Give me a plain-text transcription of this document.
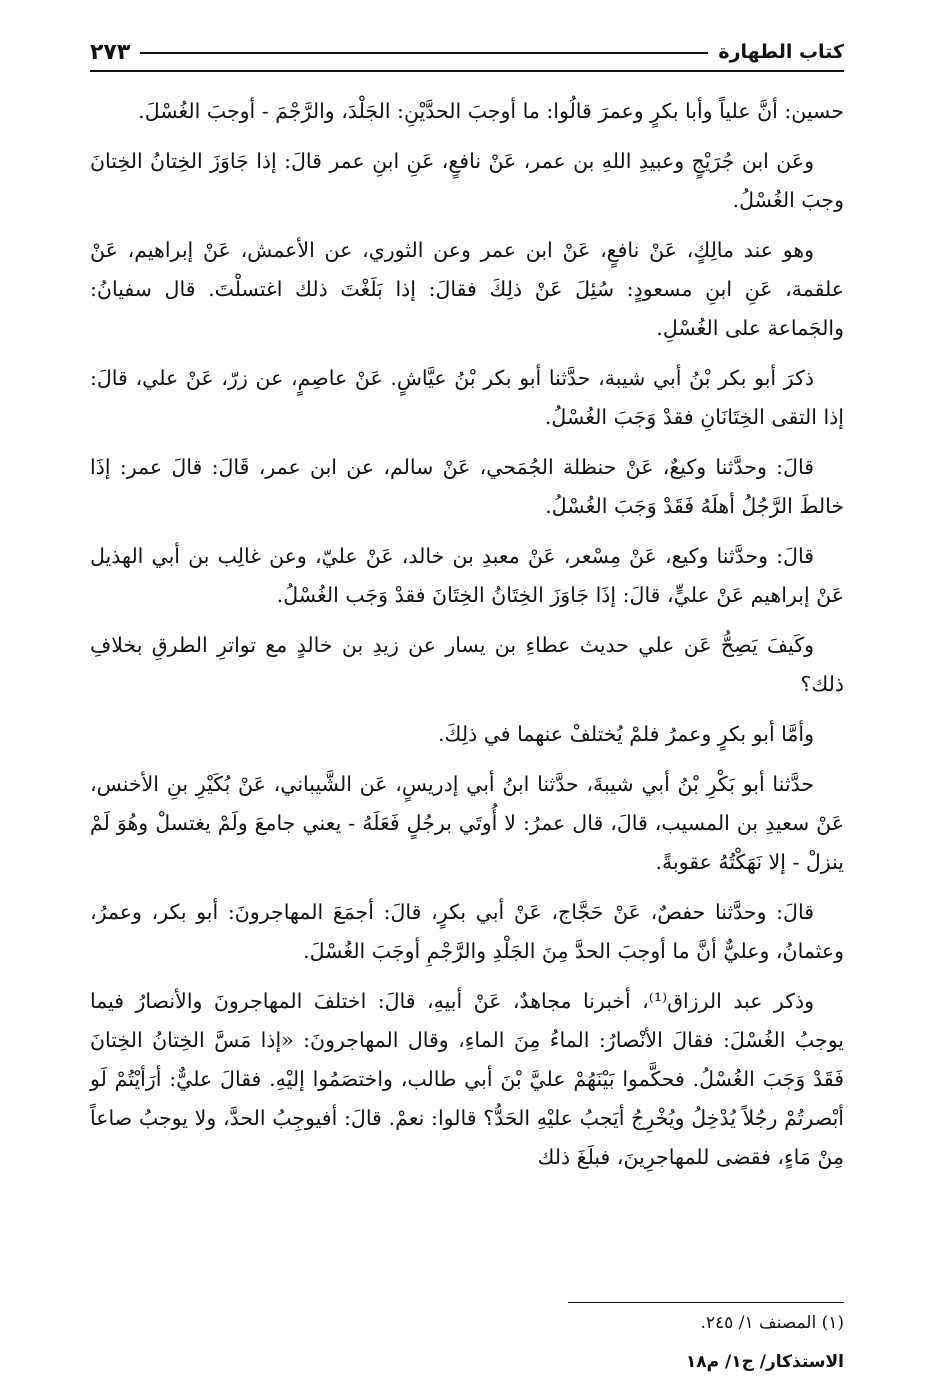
كتاب الطهارة
٢٧٣

حسين: أنَّ علياً وأبا بكرٍ وعمرَ قالُوا: ما أوجبَ الحدَّيْنِ: الجَلْدَ، والرَّجْمَ - أوجبَ الغُسْلَ.

وعَن ابن جُرَيْجٍ وعبيدِ اللهِ بن عمر، عَنْ نافعٍ، عَنِ ابنِ عمر قالَ: إذا جَاوَزَ الخِتانُ الخِتانَ وجبَ الغُسْلُ.

وهو عند مالِكٍ، عَنْ نافعٍ، عَنْ ابن عمر وعن الثوري، عن الأعمش، عَنْ إبراهيم، عَنْ علقمة، عَنِ ابنِ مسعودٍ: سُئِلَ عَنْ ذلِكَ فقالَ: إذا بَلَغْتَ ذلك اغتسلْتَ. قال سفيانُ: والجَماعة على الغُسْلِ.

ذكرَ أبو بكر بْنُ أبي شيبة، حدَّثنا أبو بكر بْنُ عيَّاشٍ. عَنْ عاصِمٍ، عن زرّ، عَنْ علي، قالَ: إذا التقى الخِتَانَانِ فقدْ وَجَبَ الغُسْلُ.

قالَ: وحدَّثنا وكيعٌ، عَنْ حنظلة الجُمَحي، عَنْ سالم، عن ابن عمر، قَالَ: قالَ عمر: إذَا خالطَ الرَّجُلُ أهلَهُ فَقَدْ وَجَبَ الغُسْلُ.

قالَ: وحدَّثنا وكيع، عَنْ مِسْعر، عَنْ معبدِ بن خالد، عَنْ عليّ، وعن غالِب بن أبي الهذيل عَنْ إبراهيم عَنْ عليٍّ، قالَ: إذَا جَاوَزَ الخِتَانُ الخِتَانَ فقدْ وَجَب الغُسْلُ.

وكَيفَ يَصِحُّ عَن علي حديث عطاءِ بن يسار عن زيدِ بن خالدٍ مع تواترِ الطرقِ بخلافِ ذلك؟

وأمَّا أبو بكرٍ وعمرُ فلمْ يُختلفْ عنهما في ذلِكَ.

حدَّثنا أبو بَكْرِ بْنُ أبي شيبةَ، حدَّثنا ابنُ أبي إدريسٍ، عَن الشَّيباني، عَنْ بُكَيْرِ بنِ الأخنس، عَنْ سعيدِ بن المسيب، قالَ، قال عمرُ: لا أُوتَي برجُلٍ فَعَلَهُ - يعني جامعَ ولَمْ يغتسلْ وهُوَ لَمْ ينزلْ - إلا نَهَكْتُهُ عقوبةً.

قالَ: وحدَّثنا حفصٌ، عَنْ حَجَّاج، عَنْ أبي بكرٍ، قالَ: أجمَعَ المهاجرونَ: أبو بكر، وعمرُ، وعثمانُ، وعليٌّ أنَّ ما أوجبَ الحدَّ مِنَ الجَلْدِ والرَّجْمِ أوجَبَ الغُسْلَ.

وذكر عبد الرزاق⁽¹⁾، أخبرنا مجاهدٌ، عَنْ أبيهِ، قالَ: اختلفَ المهاجرونَ والأنصارُ فيما يوجبُ الغُسْلَ: فقالَ الأنْصارُ: الماءُ مِنَ الماءِ، وقال المهاجرونَ: «إذا مَسَّ الخِتانُ الخِتانَ فَقَدْ وَجَبَ الغُسْلُ. فحكَّموا بَيْنَهُمْ عليَّ بْنَ أبي طالب، واختصَمُوا إليْهِ. فقالَ عليٌّ: أرَأيْتُمْ لَو أبْصرتُمْ رجُلاً يُدْخِلُ ويُخْرِجُ أيَجبُ عليْهِ الحَدُّ؟ قالوا: نعمْ. قالَ: أفيوجِبُ الحدَّ، ولا يوجبُ صاعاً مِنْ مَاءٍ، فقضى للمهاجرِينَ، فبلَغَ ذلك

(١) المصنف ١/ ٢٤٥.
الاستذكار/ ج١/ م١٨
